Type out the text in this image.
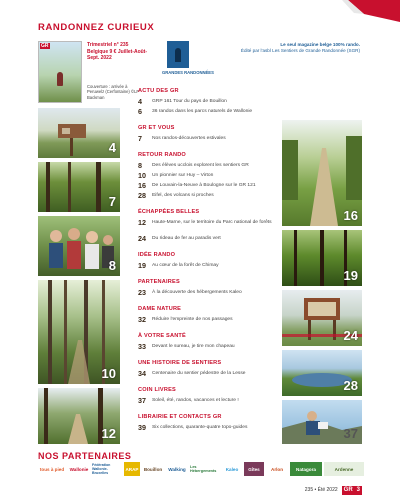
RANDONNEZ CURIEUX
GR	Trimestriel n° 235 Belgique 9 € Juillet-Août-Sept. 2022
Couverture : arrivée à Peruwelz (Cerfontaine) ©LP Backman
GRANDES RANDONNÉES
Le seul magazine belge 100% rando.
Édité par l'asbl Les Sentiers de Grande Randonnée (SGR)
4
7
8
10
12
ACTU DES GR
4	GRP 161 Tour du pays de Bouillon
6	36 randos dans les parcs naturels de Wallonie
GR ET VOUS
7	Nos randos-découvertes estivales
RETOUR RANDO
8	Des élèves ucclois explorent les sentiers GR
10	Un pionnier sur Huy – Virton
16	De Louvain-la-Neuve à Boulogne sur le GR 121
28	Eifel, des volcans si proches
ÉCHAPPÉES BELLES
12	Haute-Marne, sur le territoire du Parc national de forêts
24	Du rideau de fer au paradis vert
IDÉE RANDO
19	Au cœur de la forêt de Chimay
PARTENAIRES
23	À la découverte des hébergements Kaleo
DAME NATURE
32	Réduire l'empreinte de nos passages
À VOTRE SANTÉ
33	Devant le sureau, je tire mon chapeau
UNE HISTOIRE DE SENTIERS
34	Centenaire du sentier pédestre de la Lesse
COIN LIVRES
37	Soleil, été, randos, vacances et lecture !
LIBRAIRIE ET CONTACTS GR
39	Six collections, quarante-quatre topo-guides
16
19
24
28
37
NOS PARTENAIRES
tous à pied	Wallonie
Fédération Wallonie-Bruxelles
ARAP	Bouillon	Walking	Les Hébergements	Kaleo	Gîtes	Arlon	Natagora	Ardenne
235 • Été 2022	GR 3
